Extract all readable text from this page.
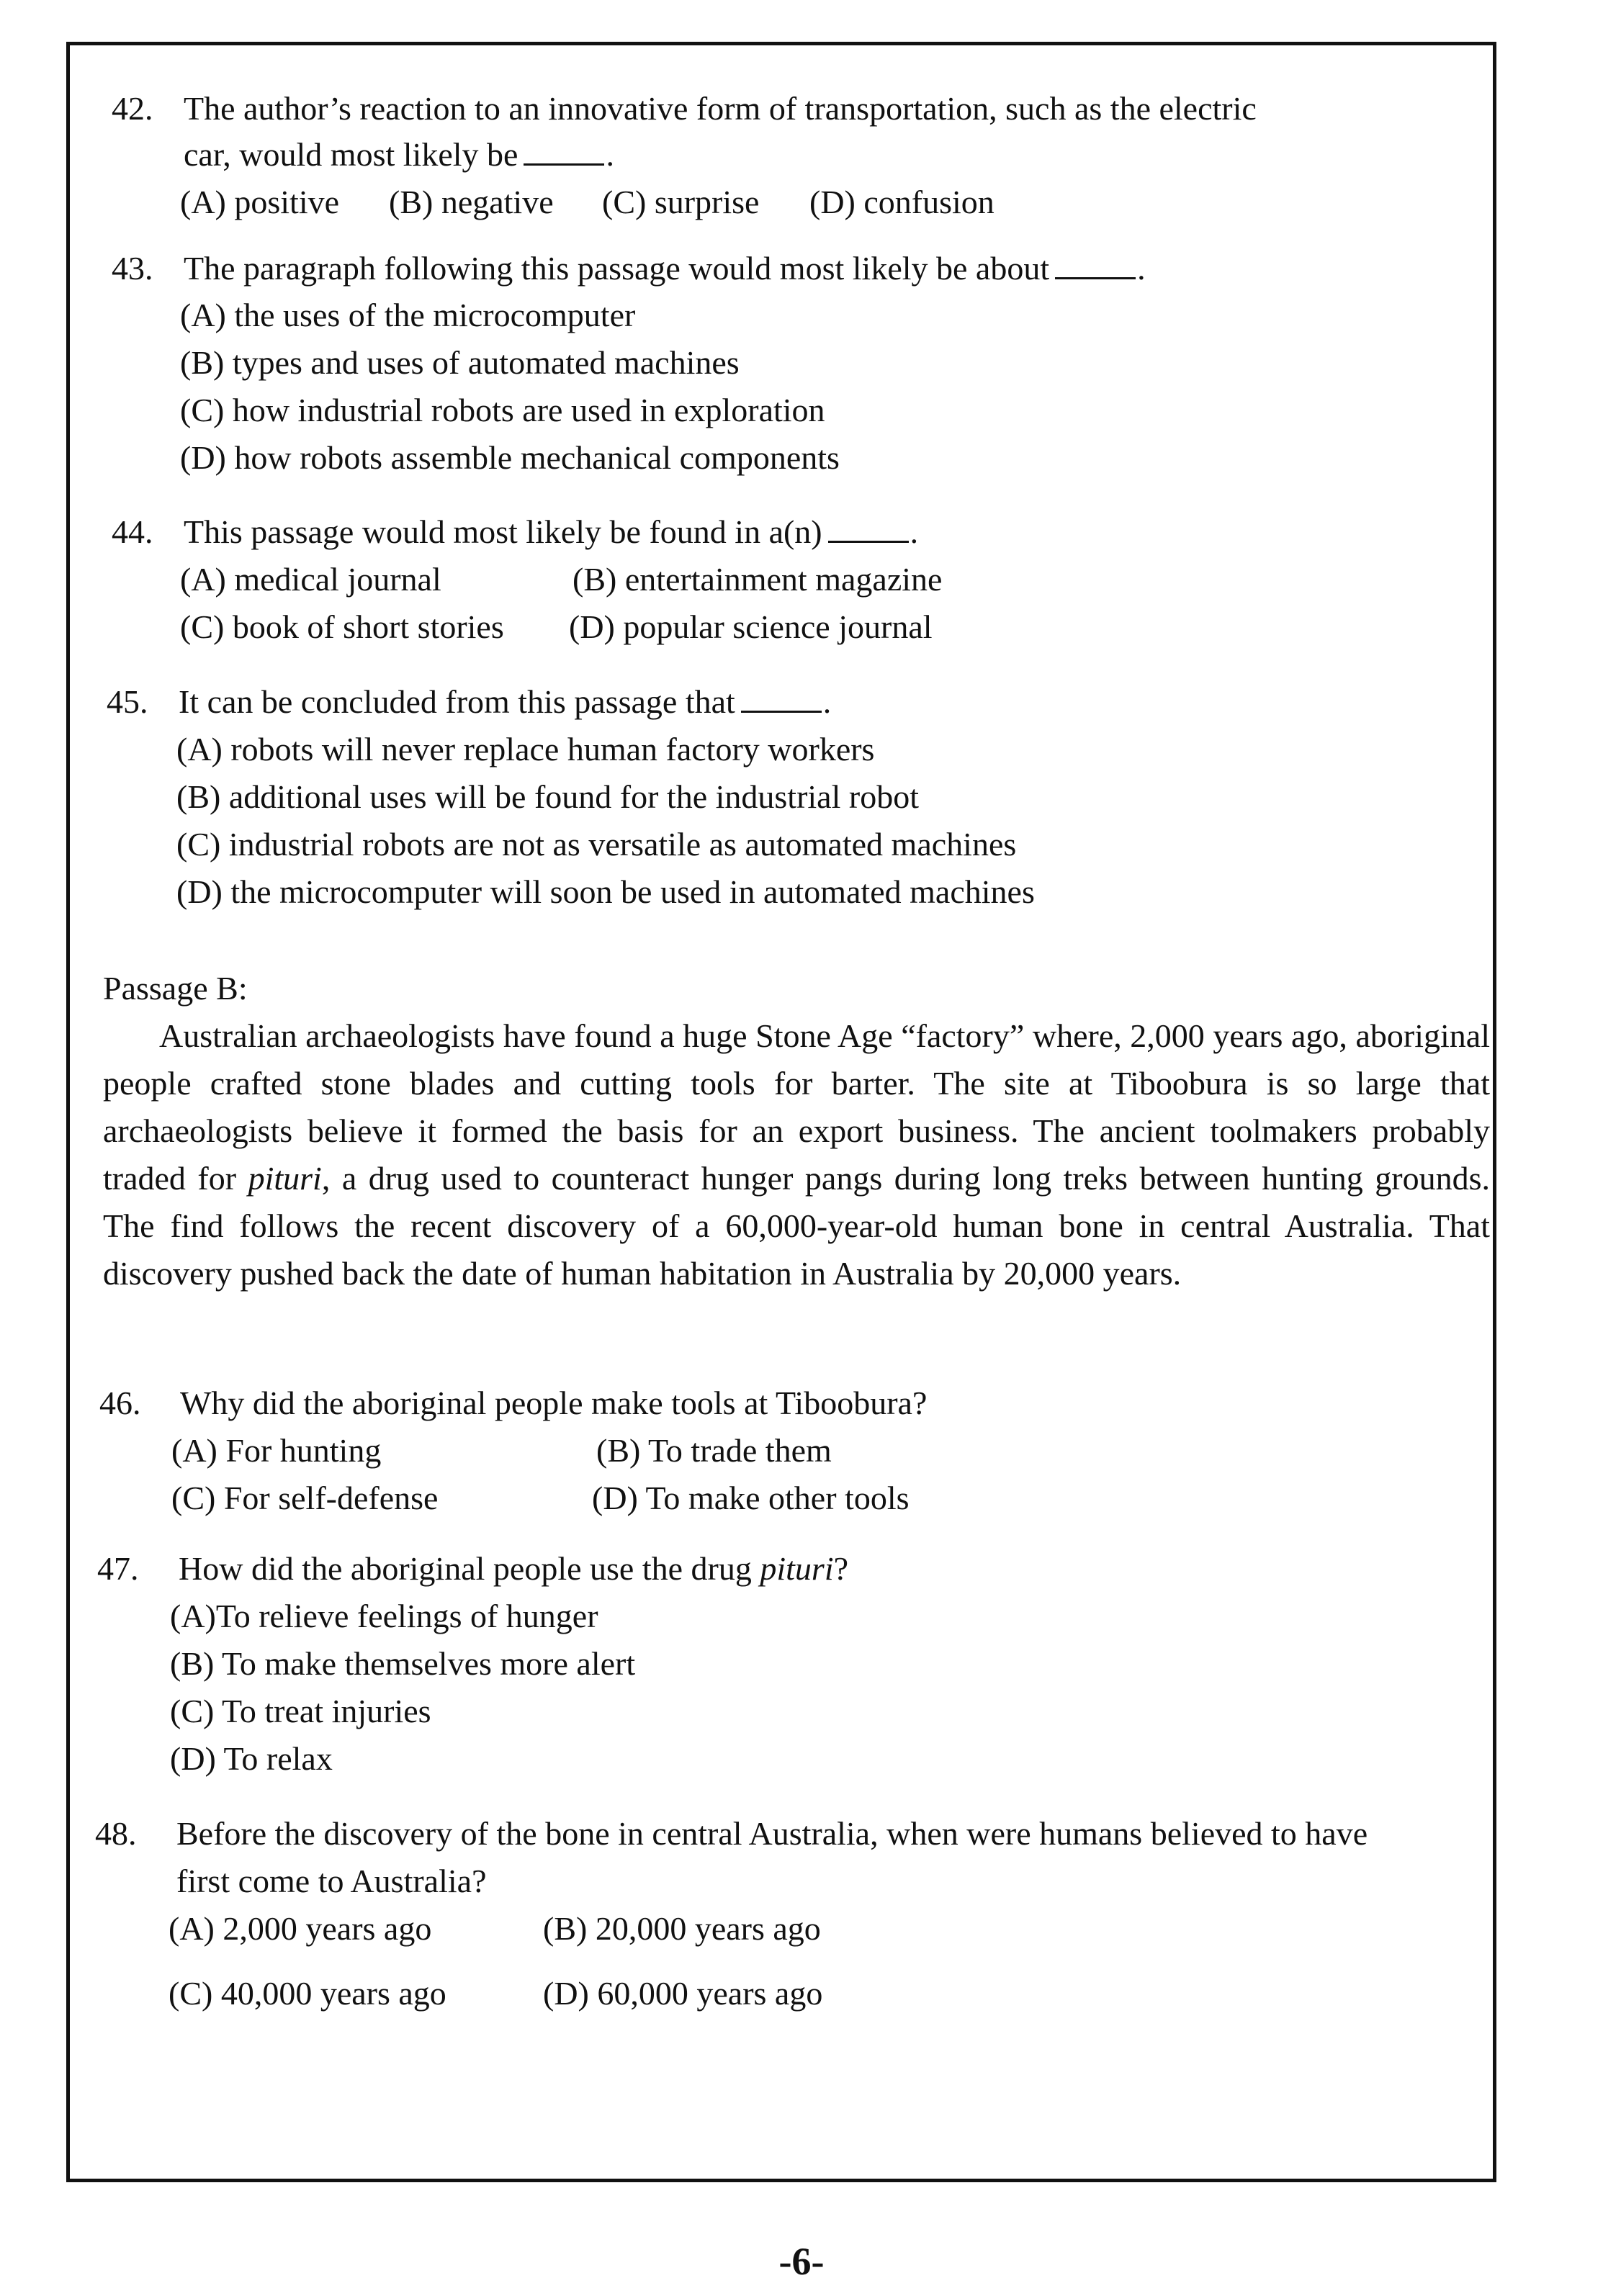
42. The author’s reaction to an innovative form of transportation, such as the electric
car, would most likely be	.
(A) positive (B) negative (C) surprise (D) confusion
43. The paragraph following this passage would most likely be about	.
(A) the uses of the microcomputer
(B) types and uses of automated machines
(C) how industrial robots are used in exploration
(D) how robots assemble mechanical components
44. This passage would most likely be found in a(n)	.
(A) medical journal	(B) entertainment magazine
(C) book of short stories (D) popular science journal
45. It can be concluded from this passage that	.
(A) robots will never replace human factory workers
(B) additional uses will be found for the industrial robot
(C) industrial robots are not as versatile as automated machines
(D) the microcomputer will soon be used in automated machines
Passage B:

Australian archaeologists have found a huge Stone Age “factory” where, 2,000 years ago, aboriginal people crafted stone blades and cutting tools for barter. The site at Tiboobura is so large that archaeologists believe it formed the basis for an export business. The ancient toolmakers probably traded for pituri, a drug used to counteract hunger pangs during long treks between hunting grounds. The find follows the recent discovery of a 60,000-year-old human bone in central Australia. That discovery pushed back the date of human habitation in Australia by 20,000 years.

46. Why did the aboriginal people make tools at Tiboobura?
(A) For hunting	(B) To trade them
(C) For self-defense	(D) To make other tools
47. How did the aboriginal people use the drug pituri?
(A)To relieve feelings of hunger
(B) To make themselves more alert
(C) To treat injuries
(D) To relax
48. Before the discovery of the bone in central Australia, when were humans believed to have
first come to Australia?
(A) 2,000 years ago	(B) 20,000 years ago
(C) 40,000 years ago	(D) 60,000 years ago
-6-
